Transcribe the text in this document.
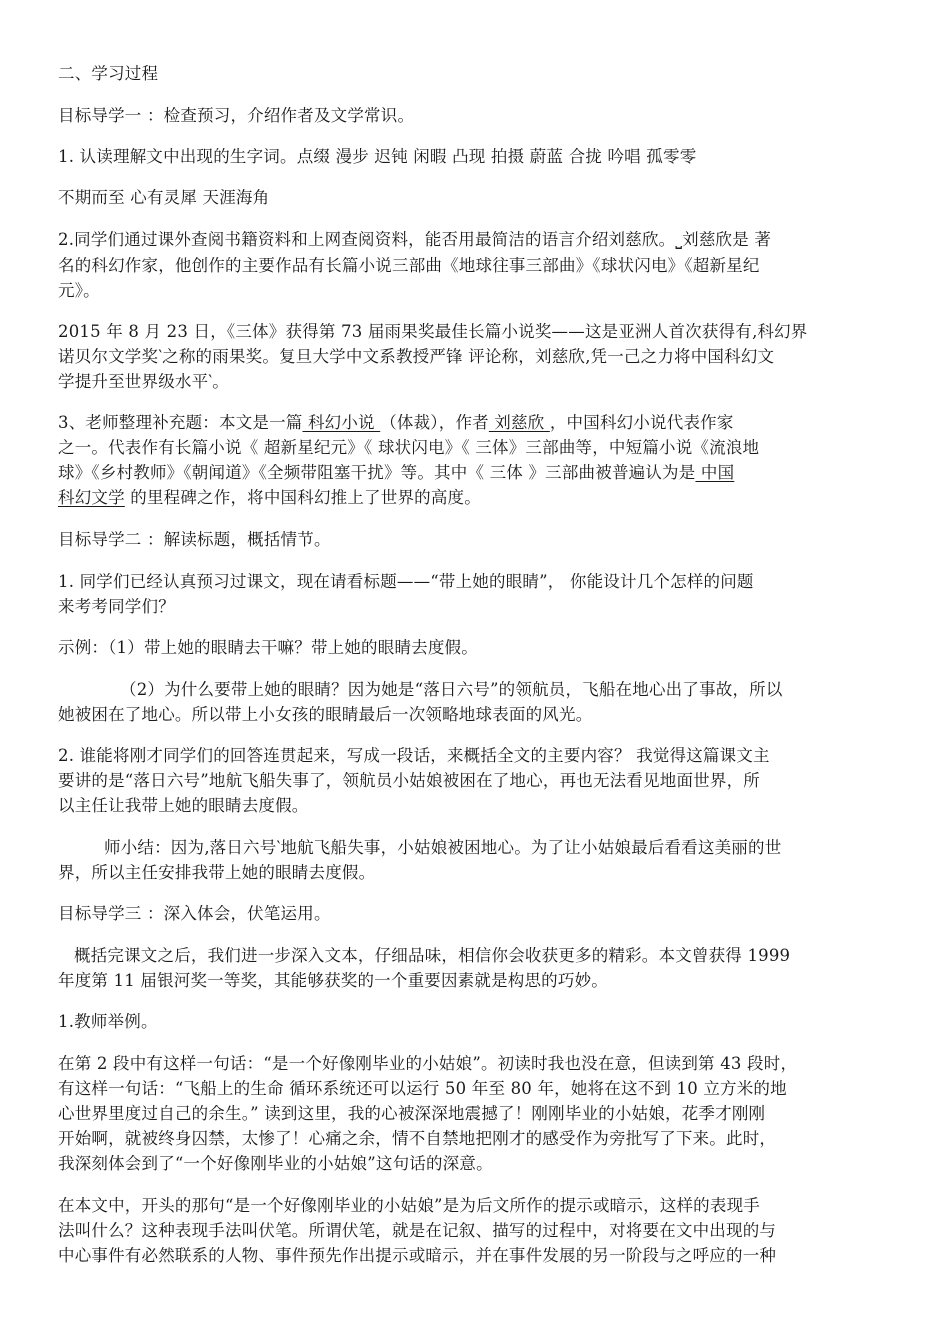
二、学习过程
目标导学一 ：检查预习，介绍作者及文学常识。
1. 认读理解文中出现的生字词。点缀 漫步 迟钝 闲暇 凸现 拍摄 蔚蓝 合拢 吟唱 孤零零
不期而至 心有灵犀 天涯海角
2.同学们通过课外查阅书籍资料和上网查阅资料，能否用最简洁的语言介绍刘慈欣。⎵刘慈欣是 著
名的科幻作家，他创作的主要作品有长篇小说三部曲《地球往事三部曲》《球状闪电》《超新星纪
元》。
2015 年 8 月 23 日，《三体》获得第 73 届雨果奖最佳长篇小说奖——这是亚洲人首次获得有‚科幻界
诺贝尔文学奖‵之称的雨果奖。复旦大学中文系教授严锋 评论称，刘慈欣‚凭一己之力将中国科幻文
学提升至世界级水平‵。
3、老师整理补充题：本文是一篇 科幻小说 （体裁），作者 刘慈欣 ，中国科幻小说代表作家
之一。代表作有长篇小说《 超新星纪元》《 球状闪电》《 三体》三部曲等，中短篇小说《流浪地
球》《乡村教师》《朝闻道》《全频带阻塞干扰》等。其中《 三体 》三部曲被普遍认为是 中国
科幻文学 的里程碑之作，将中国科幻推上了世界的高度。
目标导学二 ：解读标题，概括情节。
1. 同学们已经认真预习过课文，现在请看标题——“带上她的眼睛”， 你能设计几个怎样的问题
来考考同学们？
示例：（1）带上她的眼睛去干嘛？带上她的眼睛去度假。
（2）为什么要带上她的眼睛？因为她是“落日六号”的领航员，飞船在地心出了事故，所以
她被困在了地心。所以带上小女孩的眼睛最后一次领略地球表面的风光。
2. 谁能将刚才同学们的回答连贯起来，写成一段话，来概括全文的主要内容？ 我觉得这篇课文主
要讲的是“落日六号”地航飞船失事了，领航员小姑娘被困在了地心，再也无法看见地面世界，所
以主任让我带上她的眼睛去度假。
师小结：因为‚落日六号‵地航飞船失事，小姑娘被困地心。为了让小姑娘最后看看这美丽的世
界，所以主任安排我带上她的眼睛去度假。
目标导学三 ：深入体会，伏笔运用。
概括完课文之后，我们进一步深入文本，仔细品味，相信你会收获更多的精彩。本文曾获得 1999
年度第 11 届银河奖一等奖，其能够获奖的一个重要因素就是构思的巧妙。
1.教师举例。
在第 2 段中有这样一句话：“是一个好像刚毕业的小姑娘”。初读时我也没在意，但读到第 43 段时，
有这样一句话：“飞船上的生命 循环系统还可以运行 50 年至 80 年，她将在这不到 10 立方米的地
心世界里度过自己的余生。” 读到这里，我的心被深深地震撼了！刚刚毕业的小姑娘，花季才刚刚
开始啊，就被终身囚禁，太惨了！心痛之余，情不自禁地把刚才的感受作为旁批写了下来。此时，
我深刻体会到了“一个好像刚毕业的小姑娘”这句话的深意。
在本文中，开头的那句“是一个好像刚毕业的小姑娘”是为后文所作的提示或暗示，这样的表现手
法叫什么？这种表现手法叫伏笔。所谓伏笔，就是在记叙、描写的过程中，对将要在文中出现的与
中心事件有必然联系的人物、事件预先作出提示或暗示，并在事件发展的另一阶段与之呼应的一种
